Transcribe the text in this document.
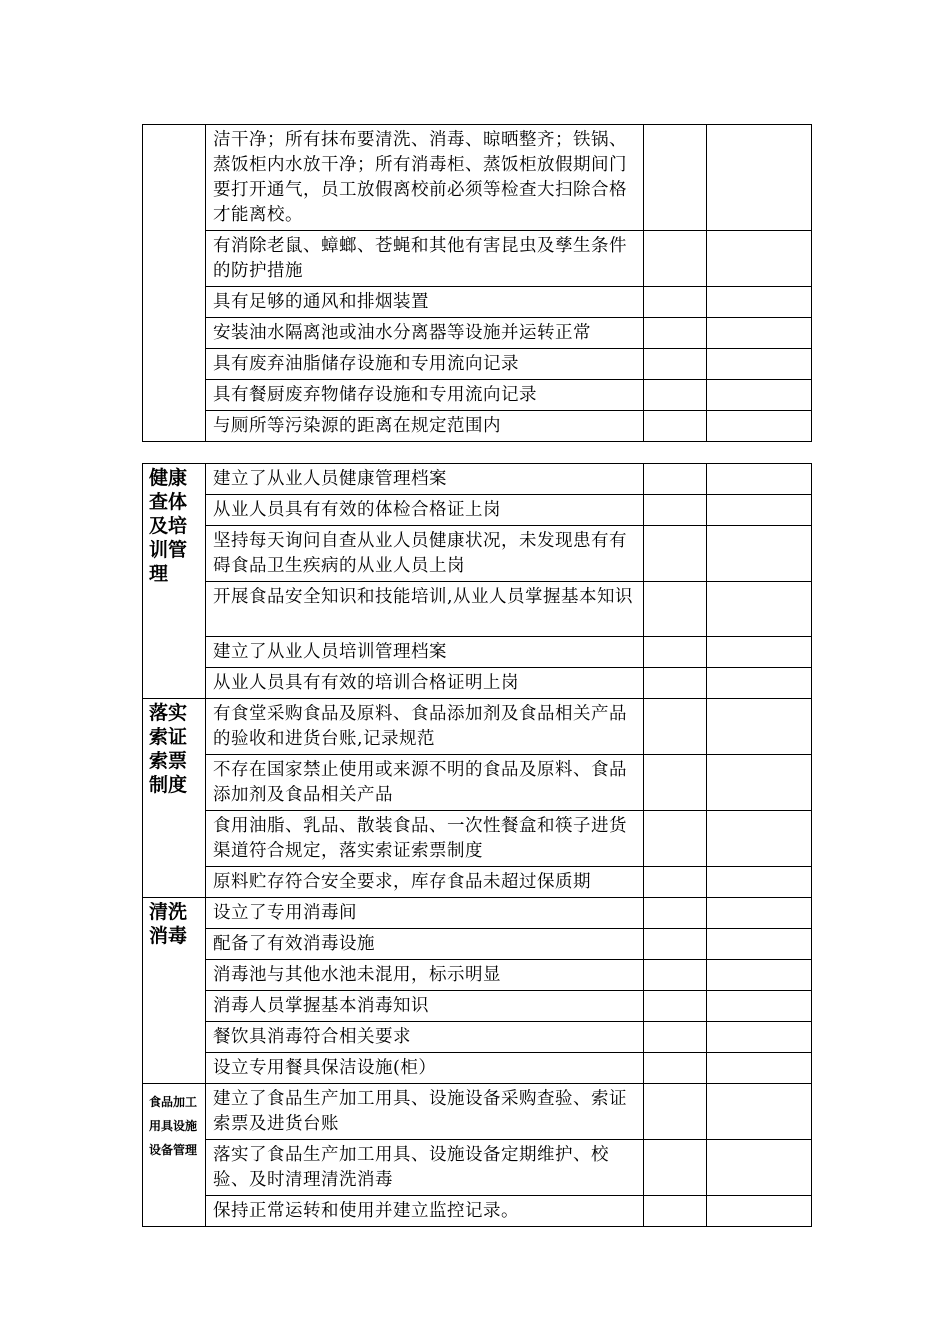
	洁干净；所有抹布要清洗、消毒、晾晒整齐；铁锅、蒸饭柜内水放干净；所有消毒柜、蒸饭柜放假期间门要打开通气，员工放假离校前必须等检查大扫除合格才能离校。		
	有消除老鼠、蟑螂、苍蝇和其他有害昆虫及孳生条件的防护措施		
	具有足够的通风和排烟装置		
	安装油水隔离池或油水分离器等设施并运转正常		
	具有废弃油脂储存设施和专用流向记录		
	具有餐厨废弃物储存设施和专用流向记录		
	与厕所等污染源的距离在规定范围内		
健康查体及培训管理	建立了从业人员健康管理档案		
	从业人员具有有效的体检合格证上岗		
	坚持每天询问自查从业人员健康状况，未发现患有有碍食品卫生疾病的从业人员上岗		
	开展食品安全知识和技能培训,从业人员掌握基本知识		
	建立了从业人员培训管理档案		
	从业人员具有有效的培训合格证明上岗		
落实索证索票制度	有食堂采购食品及原料、食品添加剂及食品相关产品的验收和进货台账,记录规范		
	不存在国家禁止使用或来源不明的食品及原料、食品添加剂及食品相关产品		
	食用油脂、乳品、散装食品、一次性餐盒和筷子进货渠道符合规定，落实索证索票制度		
	原料贮存符合安全要求，库存食品未超过保质期		
清洗消毒	设立了专用消毒间		
	配备了有效消毒设施		
	消毒池与其他水池未混用，标示明显		
	消毒人员掌握基本消毒知识		
	餐饮具消毒符合相关要求		
	设立专用餐具保洁设施(柜）		
食品加工用具设施设备管理	建立了食品生产加工用具、设施设备采购查验、索证索票及进货台账		
	落实了食品生产加工用具、设施设备定期维护、校验、及时清理清洗消毒		
	保持正常运转和使用并建立监控记录。		
